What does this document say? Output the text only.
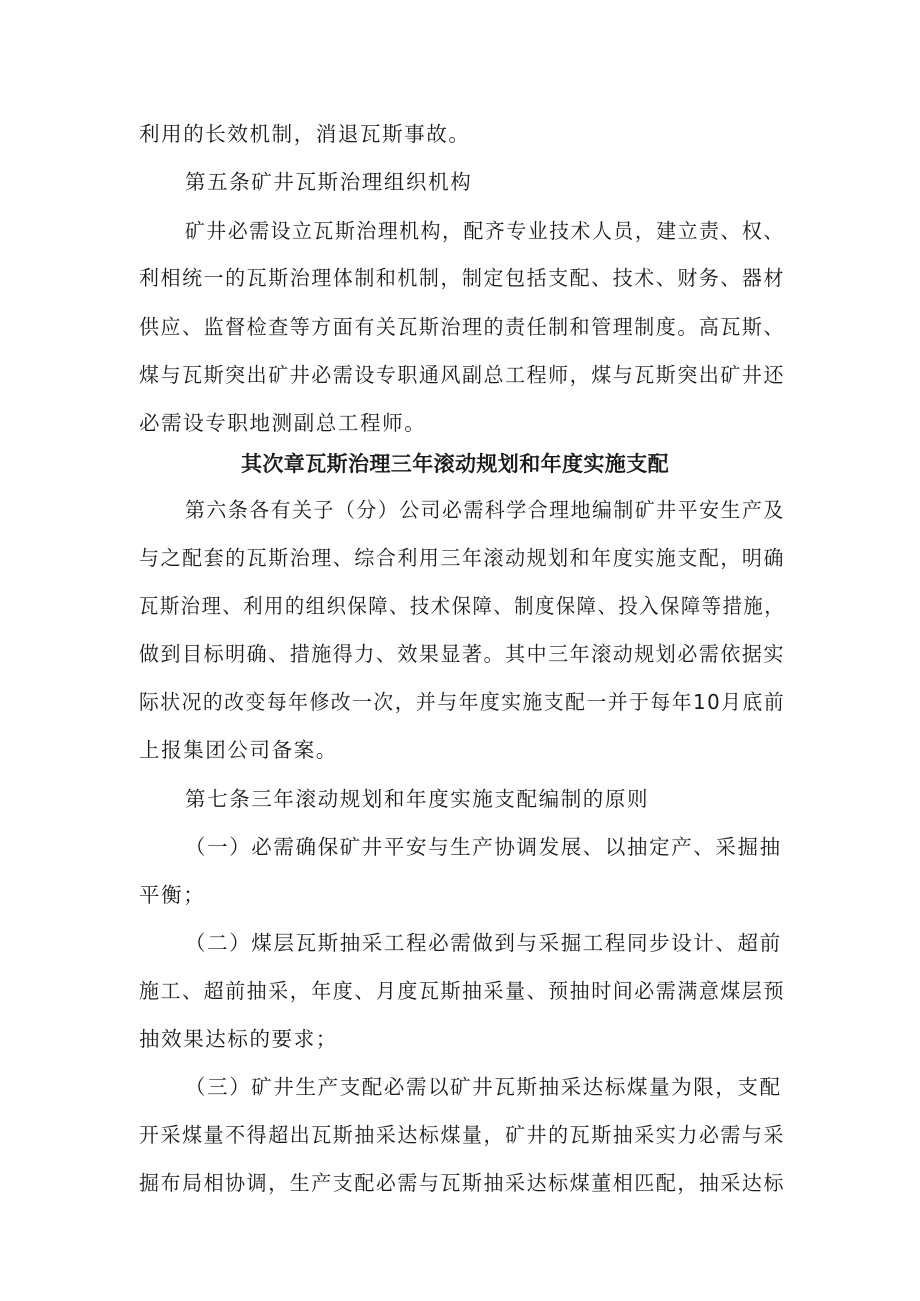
利用的长效机制，消退瓦斯事故。
第五条矿井瓦斯治理组织机构
矿井必需设立瓦斯治理机构，配齐专业技术人员，建立责、权、
利相统一的瓦斯治理体制和机制，制定包括支配、技术、财务、器材
供应、监督检查等方面有关瓦斯治理的责任制和管理制度。高瓦斯、
煤与瓦斯突出矿井必需设专职通风副总工程师，煤与瓦斯突出矿井还
必需设专职地测副总工程师。
其次章瓦斯治理三年滚动规划和年度实施支配
第六条各有关子（分）公司必需科学合理地编制矿井平安生产及
与之配套的瓦斯治理、综合利用三年滚动规划和年度实施支配，明确
瓦斯治理、利用的组织保障、技术保障、制度保障、投入保障等措施，
做到目标明确、措施得力、效果显著。其中三年滚动规划必需依据实
际状况的改变每年修改一次，并与年度实施支配一并于每年10月底前
上报集团公司备案。
第七条三年滚动规划和年度实施支配编制的原则
（一）必需确保矿井平安与生产协调发展、以抽定产、采掘抽
平衡；
（二）煤层瓦斯抽采工程必需做到与采掘工程同步设计、超前
施工、超前抽采，年度、月度瓦斯抽采量、预抽时间必需满意煤层预
抽效果达标的要求；
（三）矿井生产支配必需以矿井瓦斯抽采达标煤量为限，支配
开采煤量不得超出瓦斯抽采达标煤量，矿井的瓦斯抽采实力必需与采
掘布局相协调，生产支配必需与瓦斯抽采达标煤董相匹配，抽采达标
